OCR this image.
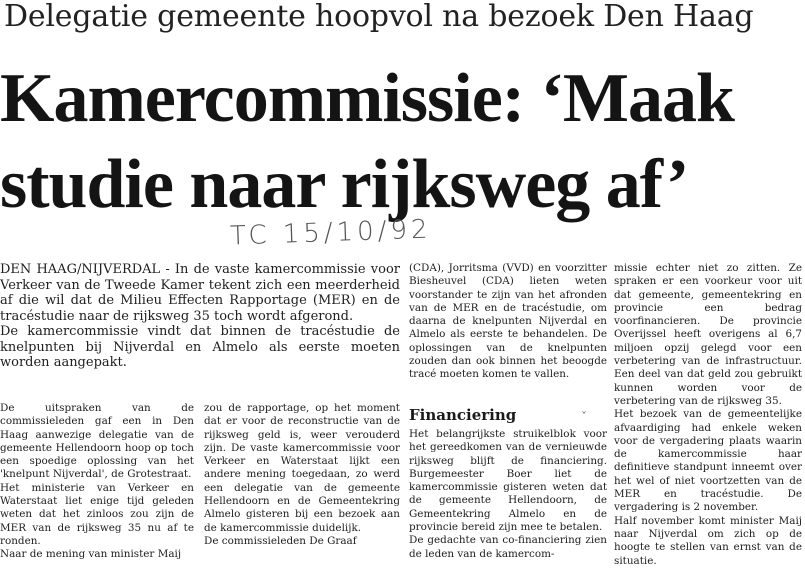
Delegatie gemeente hoopvol na bezoek Den Haag
Kamercommissie: ‘Maak
studie naar rijksweg af’
TC 15/10/92

DEN HAAG/NIJVERDAL - In de vaste kamercommissie voor Verkeer van de Tweede Kamer tekent zich een meerderheid af die wil dat de Milieu Effecten Rapportage (MER) en de tracéstudie naar de rijksweg 35 toch wordt afgerond.

De kamercommissie vindt dat binnen de tracéstudie de knelpunten bij Nijverdal en Almelo als eerste moeten worden aangepakt.

De uitspraken van de commissieleden gaf een in Den Haag aanwezige delegatie van de gemeente Hellendoorn hoop op toch een spoedige oplossing van het 'knelpunt Nijverdal', de Grotestraat.

Het ministerie van Verkeer en Waterstaat liet enige tijd geleden weten dat het zinloos zou zijn de MER van de rijksweg 35 nu af te ronden.

Naar de mening van minister Maij

zou de rapportage, op het moment dat er voor de reconstructie van de rijksweg geld is, weer verouderd zijn. De vaste kamercommissie voor Verkeer en Waterstaat lijkt een andere mening toegedaan, zo werd een delegatie van de gemeente Hellendoorn en de Gemeentekring Almelo gisteren bij een bezoek aan de kamercommissie duidelijk.

De commissieleden De Graaf

(CDA), Jorritsma (VVD) en voorzitter Biesheuvel (CDA) lieten weten voorstander te zijn van het afronden van de MER en de tracéstudie, om daarna de knelpunten Nijverdal en Almelo als eerste te behandelen. De oplossingen van de knelpunten zouden dan ook binnen het beoogde tracé moeten komen te vallen.

Financiering	ˇ

Het belangrijkste struikelblok voor het gereedkomen van de vernieuwde rijksweg blijft de financiering. Burgemeester Boer liet de kamercommissie gisteren weten dat de gemeente Hellendoorn, de Gemeentekring Almelo en de provincie bereid zijn mee te betalen.

De gedachte van co-financiering zien de leden van de kamercom-

missie echter niet zo zitten. Ze spraken er een voorkeur voor uit dat gemeente, gemeentekring en provincie een bedrag voorfinancieren. De provincie Overijssel heeft overigens al 6,7 miljoen opzij gelegd voor een verbetering van de infrastructuur. Een deel van dat geld zou gebruikt kunnen worden voor de verbetering van de rijksweg 35.

Het bezoek van de gemeentelijke afvaardiging had enkele weken voor de vergadering plaats waarin de kamercommissie haar definitieve standpunt inneemt over het wel of niet voortzetten van de MER en tracéstudie. De vergadering is 2 november.

Half november komt minister Maij naar Nijverdal om zich op de hoogte te stellen van ernst van de situatie.
